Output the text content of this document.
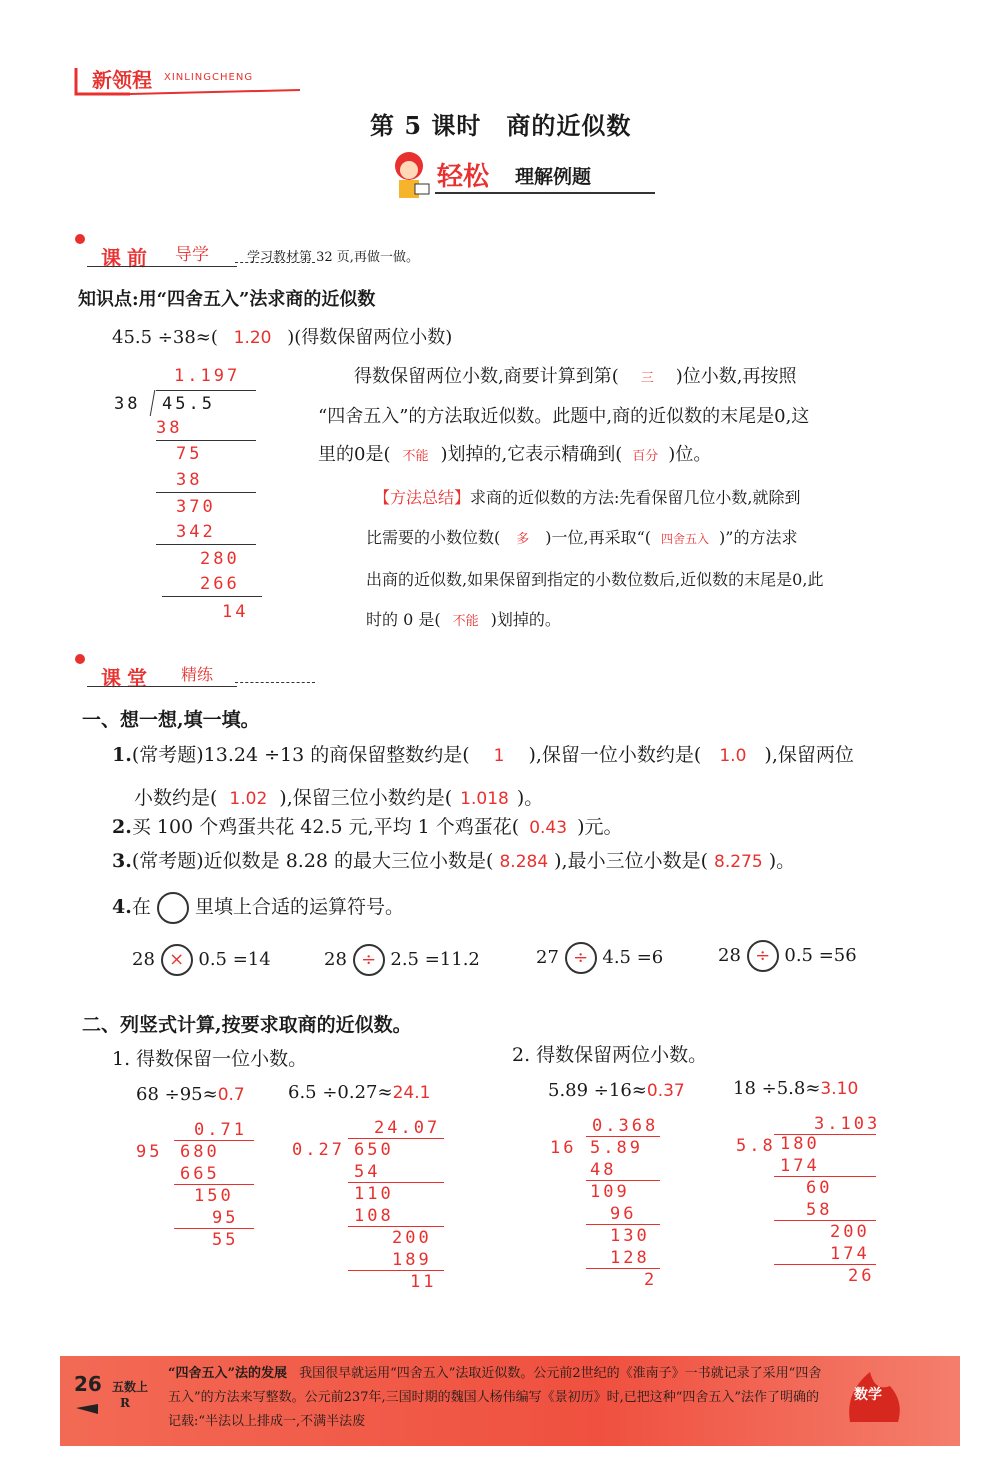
新领程 XINLINGCHENG
第 5 课时　商的近似数
轻松 理解例题
课前 导学	学习教材第 32 页,再做一做。
知识点:用“四舍五入”法求商的近似数
45.5 ÷38≈( 1.20 )(得数保留两位小数)
1.197
38 45.5
38
75
38
370
342
280
266
14
得数保留两位小数,商要计算到第( 三 )位小数,再按照
“四舍五入”的方法取近似数。此题中,商的近似数的末尾是0,这
里的0是( 不能 )划掉的,它表示精确到( 百分 )位。
【方法总结】求商的近似数的方法:先看保留几位小数,就除到
比需要的小数位数( 多 )一位,再采取“( 四舍五入 )”的方法求
出商的近似数,如果保留到指定的小数位数后,近似数的末尾是0,此
时的 0 是( 不能 )划掉的。
课堂 精练
一、想一想,填一填。
1.(常考题)13.24 ÷13 的商保留整数约是( 1 ),保留一位小数约是( 1.0 ),保留两位
小数约是( 1.02 ),保留三位小数约是( 1.018 )。
2.买 100 个鸡蛋共花 42.5 元,平均 1 个鸡蛋花( 0.43 )元。
3.(常考题)近似数是 8.28 的最大三位小数是( 8.284 ),最小三位小数是( 8.275 )。
4.在 里填上合适的运算符号。
28 × 0.5 =14	28 ÷ 2.5 =11.2	27 ÷ 4.5 =6	28 ÷ 0.5 =56
二、列竖式计算,按要求取商的近似数。
1. 得数保留一位小数。	2. 得数保留两位小数。
68 ÷95≈0.7 6.5 ÷0.27≈24.1	5.89 ÷16≈0.37	18 ÷5.8≈3.10
0.71
95 680
665
150
95
55
24.07
0.27 650
54
110
108
200
189
11
0.368
16 5.89
48
109
96
130
128
2
3.103
5.8 180
174
60
58
200
174
26
26 五数上
R
“四舍五入”法的发展 我国很早就运用“四舍五入”法取近似数。公元前2世纪的《淮南子》一书就记录了采用“四舍五入”的方法来写整数。公元前237年,三国时期的魏国人杨伟编写《景初历》时,已把这种“四舍五入”法作了明确的记载:“半法以上排成一,不满半法废
数学
